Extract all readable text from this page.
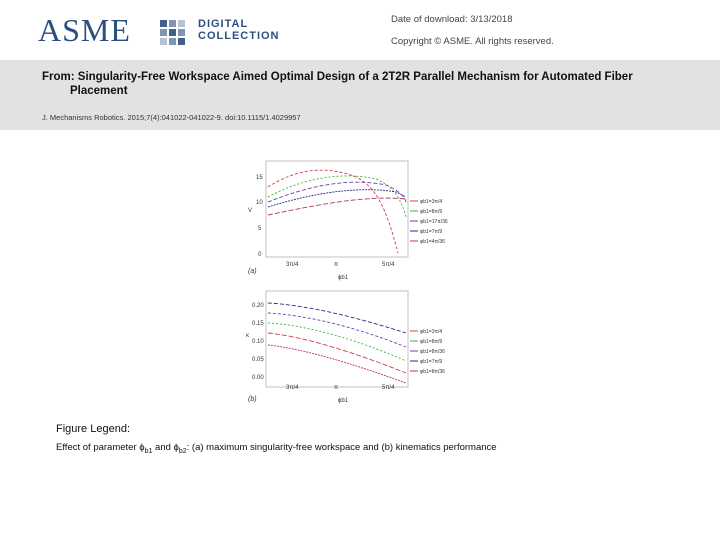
ASME	DIGITAL
COLLECTION
Date of download: 3/13/2018
Copyright © ASME. All rights reserved.
From: Singularity-Free Workspace Aimed Optimal Design of a 2T2R Parallel Mechanism for Automated Fiber
Placement
J. Mechanisms Robotics. 2015;7(4):041022-041022-9. doi:10.1115/1.4029957
15
10
5
0
V
3π/4	π	5π/4
ϕb1
(a)
φb1=3π/4
φb1=8π/9
φb1=17π/36
φb1=7π/9
φb1=4π/36
0.20
0.15
0.10
0.05
0.00
κ
3π/4	π	5π/4
ϕb1
(b)
φb1=3π/4
φb1=8π/9
φb1=8π/36
φb1=7π/9
φb1=8π/36
Figure Legend:
Effect of parameter $\phi_{b1}$ and $\phi_{b2}$: (a) maximum singularity-free workspace and (b) kinematics performance
